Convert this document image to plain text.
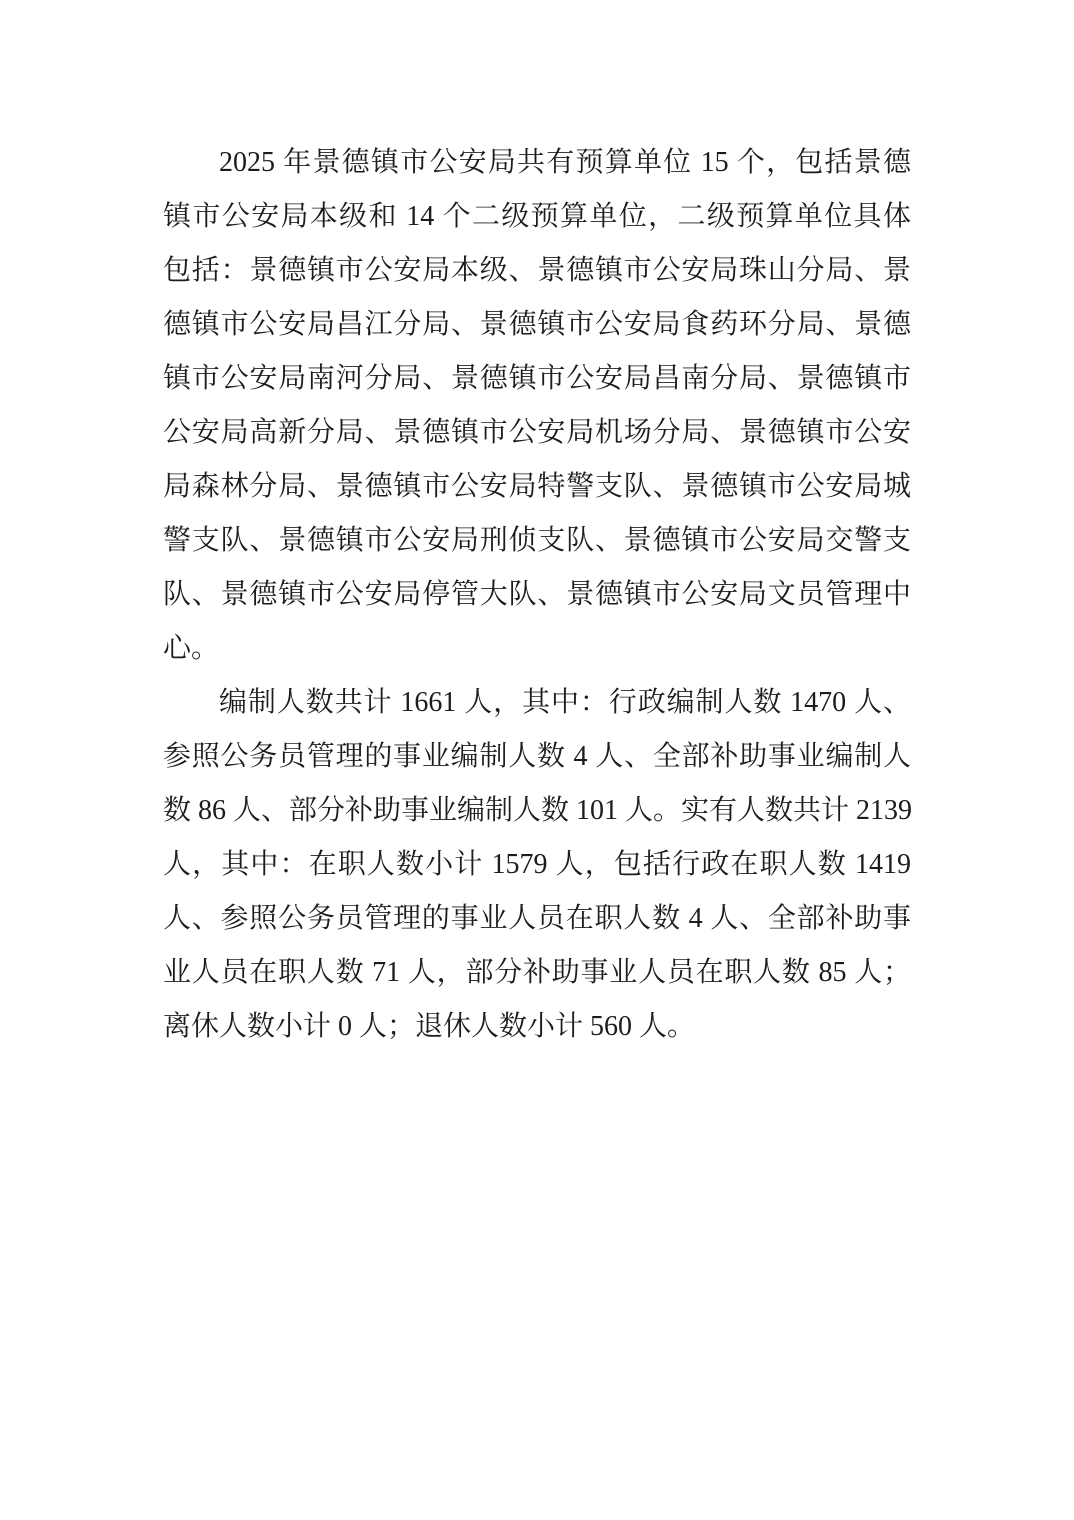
2025 年景德镇市公安局共有预算单位 15 个，包括景德
镇市公安局本级和 14 个二级预算单位，二级预算单位具体
包括：景德镇市公安局本级、景德镇市公安局珠山分局、景
德镇市公安局昌江分局、景德镇市公安局食药环分局、景德
镇市公安局南河分局、景德镇市公安局昌南分局、景德镇市
公安局高新分局、景德镇市公安局机场分局、景德镇市公安
局森林分局、景德镇市公安局特警支队、景德镇市公安局城
警支队、景德镇市公安局刑侦支队、景德镇市公安局交警支
队、景德镇市公安局停管大队、景德镇市公安局文员管理中
心。
编制人数共计 1661 人，其中：行政编制人数 1470 人、
参照公务员管理的事业编制人数 4 人、全部补助事业编制人
数 86 人、部分补助事业编制人数 101 人。实有人数共计 2139
人，其中：在职人数小计 1579 人，包括行政在职人数 1419
人、参照公务员管理的事业人员在职人数 4 人、全部补助事
业人员在职人数 71 人，部分补助事业人员在职人数 85 人；
离休人数小计 0 人；退休人数小计 560 人。
